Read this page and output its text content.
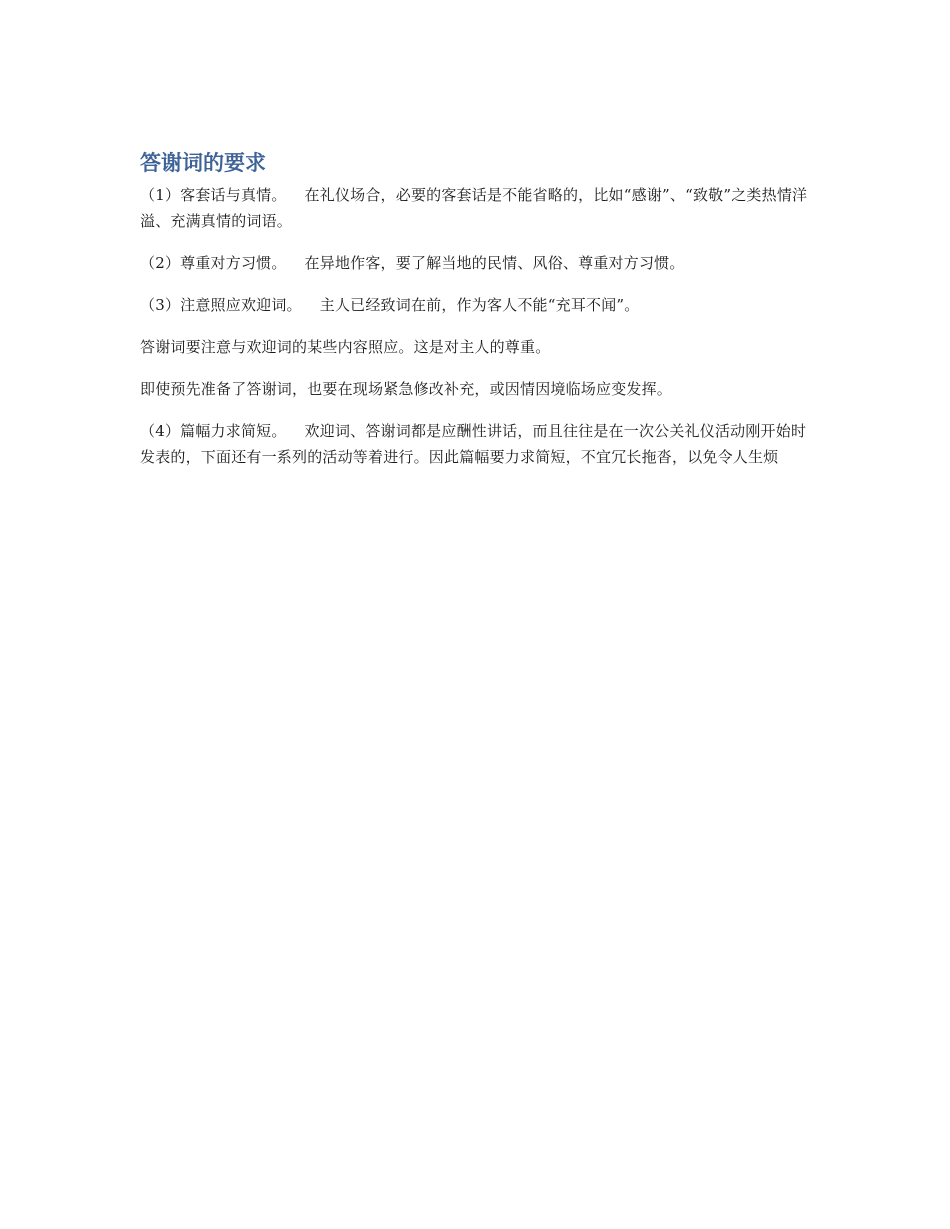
答谢词的要求

（1）客套话与真情。 在礼仪场合，必要的客套话是不能省略的，比如“感谢”、“致敬”之类热情洋溢、充满真情的词语。

（2）尊重对方习惯。 在异地作客，要了解当地的民情、风俗、尊重对方习惯。

（3）注意照应欢迎词。 主人已经致词在前，作为客人不能“充耳不闻”。

答谢词要注意与欢迎词的某些内容照应。这是对主人的尊重。

即使预先准备了答谢词，也要在现场紧急修改补充，或因情因境临场应变发挥。

（4）篇幅力求简短。 欢迎词、答谢词都是应酬性讲话，而且往往是在一次公关礼仪活动刚开始时发表的，下面还有一系列的活动等着进行。因此篇幅要力求简短，不宜冗长拖沓，以免令人生烦
